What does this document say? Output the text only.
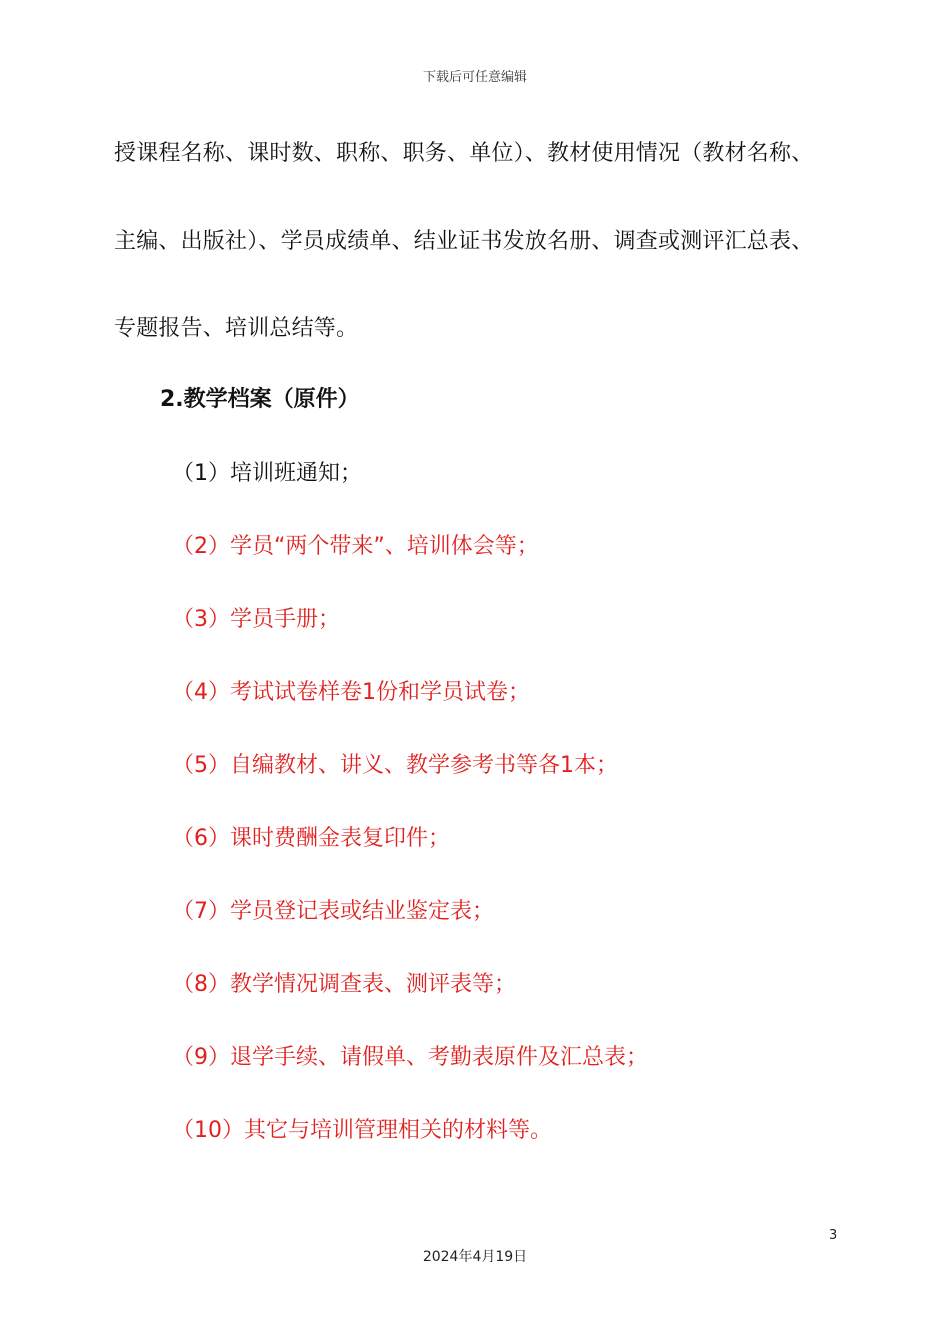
下载后可任意编辑
授课程名称、课时数、职称、职务、单位）、教材使用情况（教材名称、
主编、出版社）、学员成绩单、结业证书发放名册、调查或测评汇总表、
专题报告、培训总结等。
2.教学档案（原件）
（1）培训班通知；
（2）学员“两个带来”、培训体会等；
（3）学员手册；
（4）考试试卷样卷1份和学员试卷；
（5）自编教材、讲义、教学参考书等各1本；
（6）课时费酬金表复印件；
（7）学员登记表或结业鉴定表；
（8）教学情况调查表、测评表等；
（9）退学手续、请假单、考勤表原件及汇总表；
（10）其它与培训管理相关的材料等。
3
2024年4月19日
